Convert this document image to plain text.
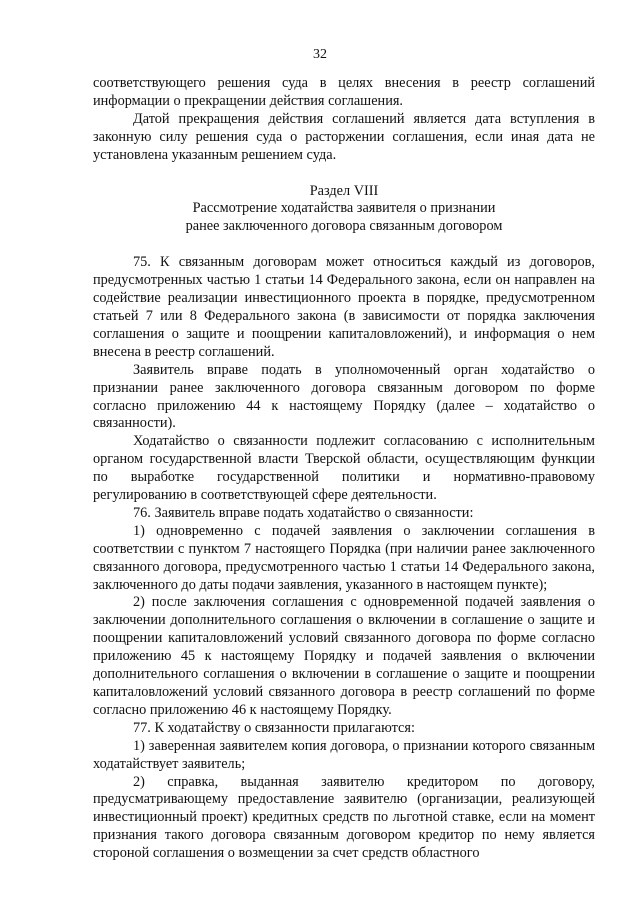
32

соответствующего решения суда в целях внесения в реестр соглашений информации о прекращении действия соглашения.

Датой прекращения действия соглашений является дата вступления в законную силу решения суда о расторжении соглашения, если иная дата не установлена указанным решением суда.

Раздел VIII

Рассмотрение ходатайства заявителя о признании

ранее заключенного договора связанным договором

75. К связанным договорам может относиться каждый из договоров, предусмотренных частью 1 статьи 14 Федерального закона, если он направлен на содействие реализации инвестиционного проекта в порядке, предусмотренном статьей 7 или 8 Федерального закона (в зависимости от порядка заключения соглашения о защите и поощрении капиталовложений), и информация о нем внесена в реестр соглашений.

Заявитель вправе подать в уполномоченный орган ходатайство о признании ранее заключенного договора связанным договором по форме согласно приложению 44 к настоящему Порядку (далее – ходатайство о связанности).

Ходатайство о связанности подлежит согласованию с исполнительным органом государственной власти Тверской области, осуществляющим функции по выработке государственной политики и нормативно-правовому регулированию в соответствующей сфере деятельности.

76. Заявитель вправе подать ходатайство о связанности:

1) одновременно с подачей заявления о заключении соглашения в соответствии с пунктом 7 настоящего Порядка (при наличии ранее заключенного связанного договора, предусмотренного частью 1 статьи 14 Федерального закона, заключенного до даты подачи заявления, указанного в настоящем пункте);

2) после заключения соглашения с одновременной подачей заявления о заключении дополнительного соглашения о включении в соглашение о защите и поощрении капиталовложений условий связанного договора по форме согласно приложению 45 к настоящему Порядку и подачей заявления о включении дополнительного соглашения о включении в соглашение о защите и поощрении капиталовложений условий связанного договора в реестр соглашений по форме согласно приложению 46 к настоящему Порядку.

77. К ходатайству о связанности прилагаются:

1) заверенная заявителем копия договора, о признании которого связанным ходатайствует заявитель;

2) справка, выданная заявителю кредитором по договору, предусматривающему предоставление заявителю (организации, реализующей инвестиционный проект) кредитных средств по льготной ставке, если на момент признания такого договора связанным договором кредитор по нему является стороной соглашения о возмещении за счет средств областного
